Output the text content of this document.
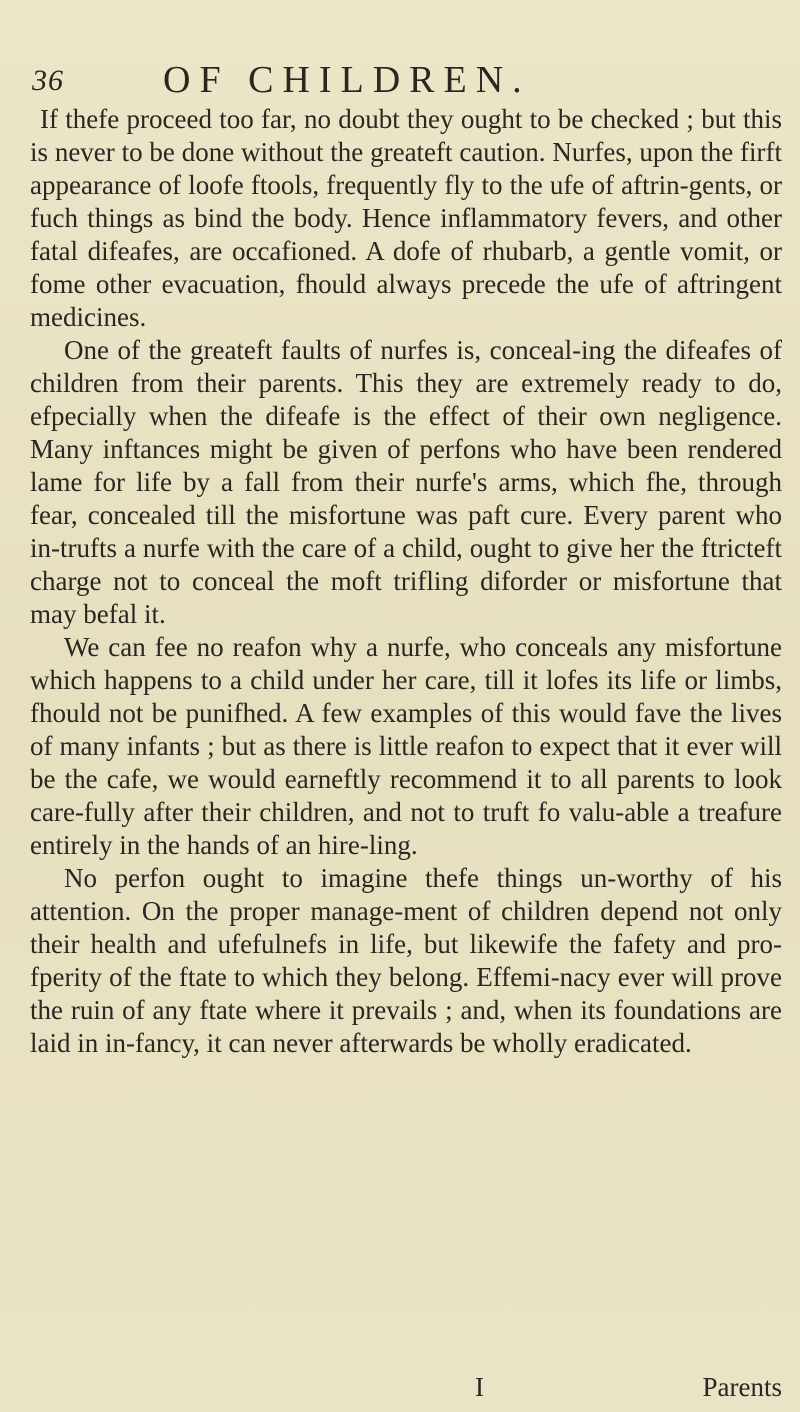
36	OF CHILDREN.

If thefe proceed too far, no doubt they ought to be checked ; but this is never to be done without the greateft caution. Nurfes, upon the firft appearance of loofe ftools, frequently fly to the ufe of aftrin-gents, or fuch things as bind the body. Hence inflammatory fevers, and other fatal difeafes, are occafioned. A dofe of rhubarb, a gentle vomit, or fome other evacuation, fhould always precede the ufe of aftringent medicines.

One of the greateft faults of nurfes is, conceal-ing the difeafes of children from their parents. This they are extremely ready to do, efpecially when the difeafe is the effect of their own negligence. Many inftances might be given of perfons who have been rendered lame for life by a fall from their nurfe's arms, which fhe, through fear, concealed till the misfortune was paft cure. Every parent who in-trufts a nurfe with the care of a child, ought to give her the ftricteft charge not to conceal the moft trifling diforder or misfortune that may befal it.

We can fee no reafon why a nurfe, who conceals any misfortune which happens to a child under her care, till it lofes its life or limbs, fhould not be punifhed. A few examples of this would fave the lives of many infants ; but as there is little reafon to expect that it ever will be the cafe, we would earneftly recommend it to all parents to look care-fully after their children, and not to truft fo valu-able a treafure entirely in the hands of an hire-ling.

No perfon ought to imagine thefe things un-worthy of his attention. On the proper manage-ment of children depend not only their health and ufefulnefs in life, but likewife the fafety and pro-fperity of the ftate to which they belong. Effemi-nacy ever will prove the ruin of any ftate where it prevails ; and, when its foundations are laid in in-fancy, it can never afterwards be wholly eradicated.

I	Parents
